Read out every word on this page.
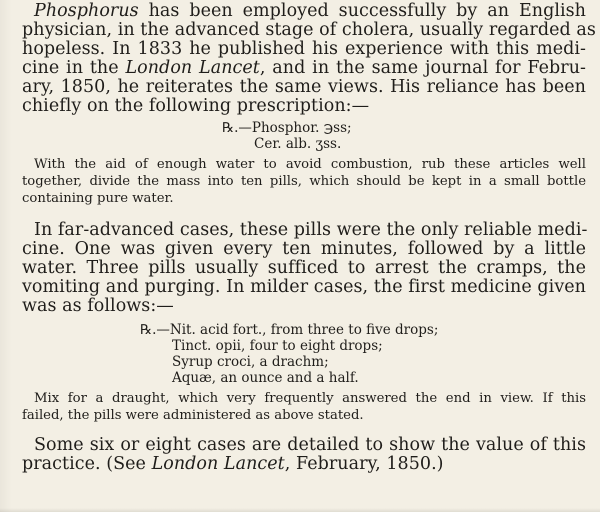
Phosphorus has been employed successfully by an English
physician, in the advanced stage of cholera, usually regarded as
hopeless. In 1833 he published his experience with this medi-
cine in the London Lancet, and in the same journal for Febru-
ary, 1850, he reiterates the same views. His reliance has been
chiefly on the following prescription:—

℞.—Phosphor. ℈ss;
Cer. alb. ʒss.
With the aid of enough water to avoid combustion, rub these articles well
together, divide the mass into ten pills, which should be kept in a small bottle
containing pure water.

In far-advanced cases, these pills were the only reliable medi-
cine. One was given every ten minutes, followed by a little
water. Three pills usually sufficed to arrest the cramps, the
vomiting and purging. In milder cases, the first medicine given
was as follows:—

℞.—Nit. acid fort., from three to five drops;
Tinct. opii, four to eight drops;
Syrup croci, a drachm;
Aquæ, an ounce and a half.
Mix for a draught, which very frequently answered the end in view. If this
failed, the pills were administered as above stated.

Some six or eight cases are detailed to show the value of this
practice. (See London Lancet, February, 1850.)
